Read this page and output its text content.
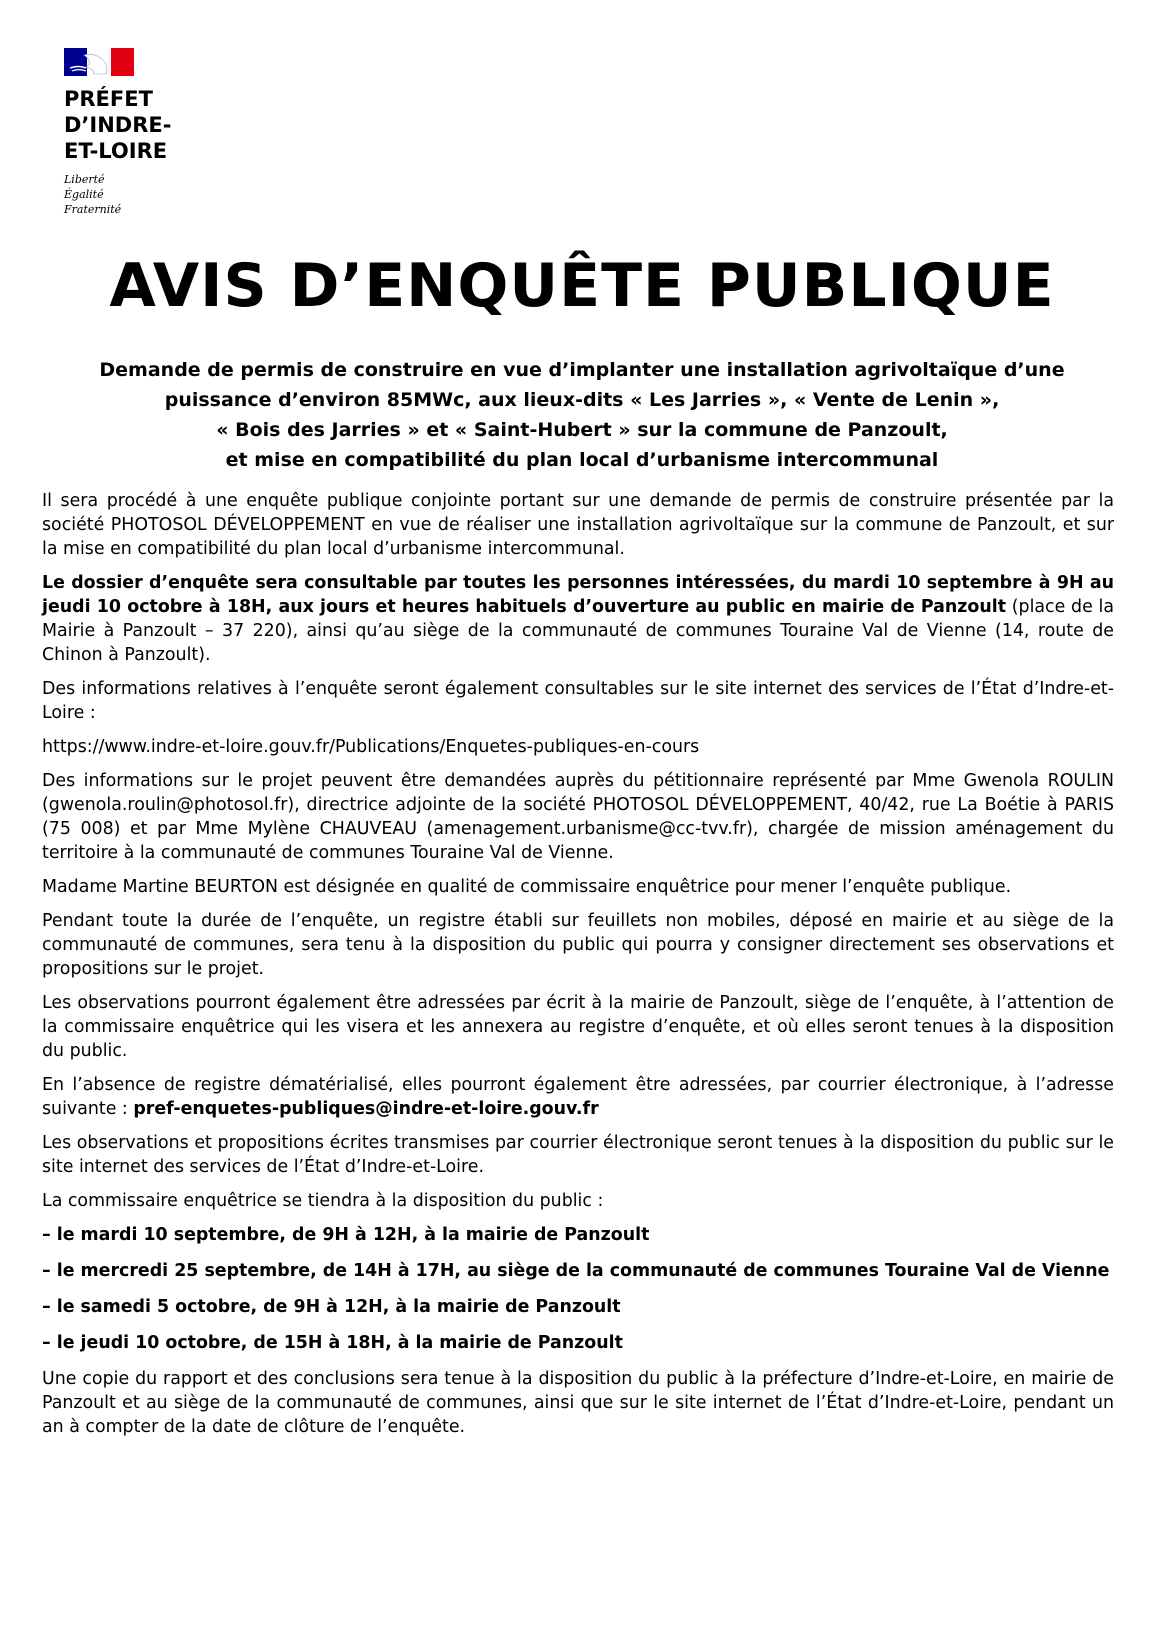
PRÉFET
D’INDRE-
ET-LOIRE
Liberté
Égalité
Fraternité
AVIS D’ENQUÊTE PUBLIQUE
Demande de permis de construire en vue d’implanter une installation agrivoltaïque d’une
puissance d’environ 85MWc, aux lieux-dits « Les Jarries », « Vente de Lenin »,
« Bois des Jarries » et « Saint-Hubert » sur la commune de Panzoult,
et mise en compatibilité du plan local d’urbanisme intercommunal

Il sera procédé à une enquête publique conjointe portant sur une demande de permis de construire présentée par la société PHOTOSOL DÉVELOPPEMENT en vue de réaliser une installation agrivoltaïque sur la commune de Panzoult, et sur la mise en compatibilité du plan local d’urbanisme intercommunal.

Le dossier d’enquête sera consultable par toutes les personnes intéressées, du mardi 10 septembre à 9H au jeudi 10 octobre à 18H, aux jours et heures habituels d’ouverture au public en mairie de Panzoult (place de la Mairie à Panzoult – 37 220), ainsi qu’au siège de la communauté de communes Touraine Val de Vienne (14, route de Chinon à Panzoult).

Des informations relatives à l’enquête seront également consultables sur le site internet des services de l’État d’Indre-et-Loire :

https://www.indre-et-loire.gouv.fr/Publications/Enquetes-publiques-en-cours

Des informations sur le projet peuvent être demandées auprès du pétitionnaire représenté par Mme Gwenola ROULIN (gwenola.roulin@photosol.fr), directrice adjointe de la société PHOTOSOL DÉVELOPPEMENT, 40/42, rue La Boétie à PARIS (75 008) et par Mme Mylène CHAUVEAU (amenagement.urbanisme@cc-tvv.fr), chargée de mission aménagement du territoire à la communauté de communes Touraine Val de Vienne.

Madame Martine BEURTON est désignée en qualité de commissaire enquêtrice pour mener l’enquête publique.

Pendant toute la durée de l’enquête, un registre établi sur feuillets non mobiles, déposé en mairie et au siège de la communauté de communes, sera tenu à la disposition du public qui pourra y consigner directement ses observations et propositions sur le projet.

Les observations pourront également être adressées par écrit à la mairie de Panzoult, siège de l’enquête, à l’attention de la commissaire enquêtrice qui les visera et les annexera au registre d’enquête, et où elles seront tenues à la disposition du public.

En l’absence de registre dématérialisé, elles pourront également être adressées, par courrier électronique, à l’adresse suivante : pref-enquetes-publiques@indre-et-loire.gouv.fr

Les observations et propositions écrites transmises par courrier électronique seront tenues à la disposition du public sur le site internet des services de l’État d’Indre-et-Loire.

La commissaire enquêtrice se tiendra à la disposition du public :

– le mardi 10 septembre, de 9H à 12H, à la mairie de Panzoult

– le mercredi 25 septembre, de 14H à 17H, au siège de la communauté de communes Touraine Val de Vienne

– le samedi 5 octobre, de 9H à 12H, à la mairie de Panzoult

– le jeudi 10 octobre, de 15H à 18H, à la mairie de Panzoult

Une copie du rapport et des conclusions sera tenue à la disposition du public à la préfecture d’Indre-et-Loire, en mairie de Panzoult et au siège de la communauté de communes, ainsi que sur le site internet de l’État d’Indre-et-Loire, pendant un an à compter de la date de clôture de l’enquête.
